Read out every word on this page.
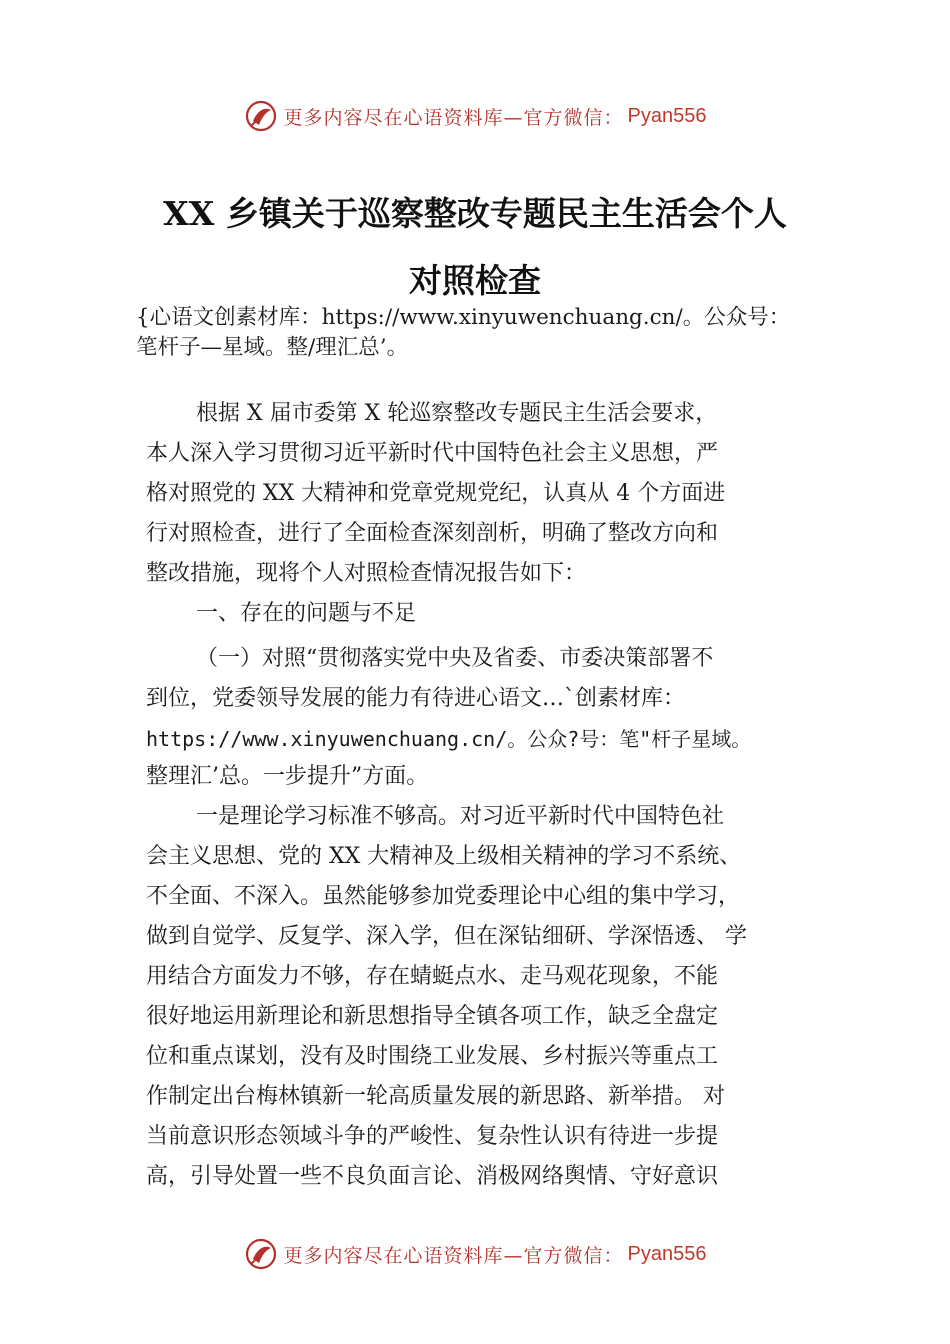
更多内容尽在心语资料库—官方微信： Pyan556
XX 乡镇关于巡察整改专题民主生活会个人
对照检查
{心语文创素材库：https://www.xinyuwenchuang.cn/。公众号：
笔杆子—星域。整/理汇总’。
根据 X 届市委第 X 轮巡察整改专题民主生活会要求，
本人深入学习贯彻习近平新时代中国特色社会主义思想，严
格对照党的 XX 大精神和党章党规党纪，认真从 4 个方面进
行对照检查，进行了全面检查深刻剖析，明确了整改方向和
整改措施，现将个人对照检查情况报告如下：
一、存在的问题与不足
（一）对照“贯彻落实党中央及省委、市委决策部署不
到位，党委领导发展的能力有待进心语文…`创素材库：
https://www.xinyuwenchuang.cn/。公众?号：笔"杆子星域。
整理汇’总。一步提升”方面。
一是理论学习标准不够高。对习近平新时代中国特色社
会主义思想、党的 XX 大精神及上级相关精神的学习不系统、
不全面、不深入。虽然能够参加党委理论中心组的集中学习，
做到自觉学、反复学、深入学，但在深钻细研、学深悟透、 学
用结合方面发力不够，存在蜻蜓点水、走马观花现象，不能
很好地运用新理论和新思想指导全镇各项工作，缺乏全盘定
位和重点谋划，没有及时围绕工业发展、乡村振兴等重点工
作制定出台梅林镇新一轮高质量发展的新思路、新举措。 对
当前意识形态领域斗争的严峻性、复杂性认识有待进一步提
高，引导处置一些不良负面言论、消极网络舆情、守好意识
更多内容尽在心语资料库—官方微信： Pyan556
